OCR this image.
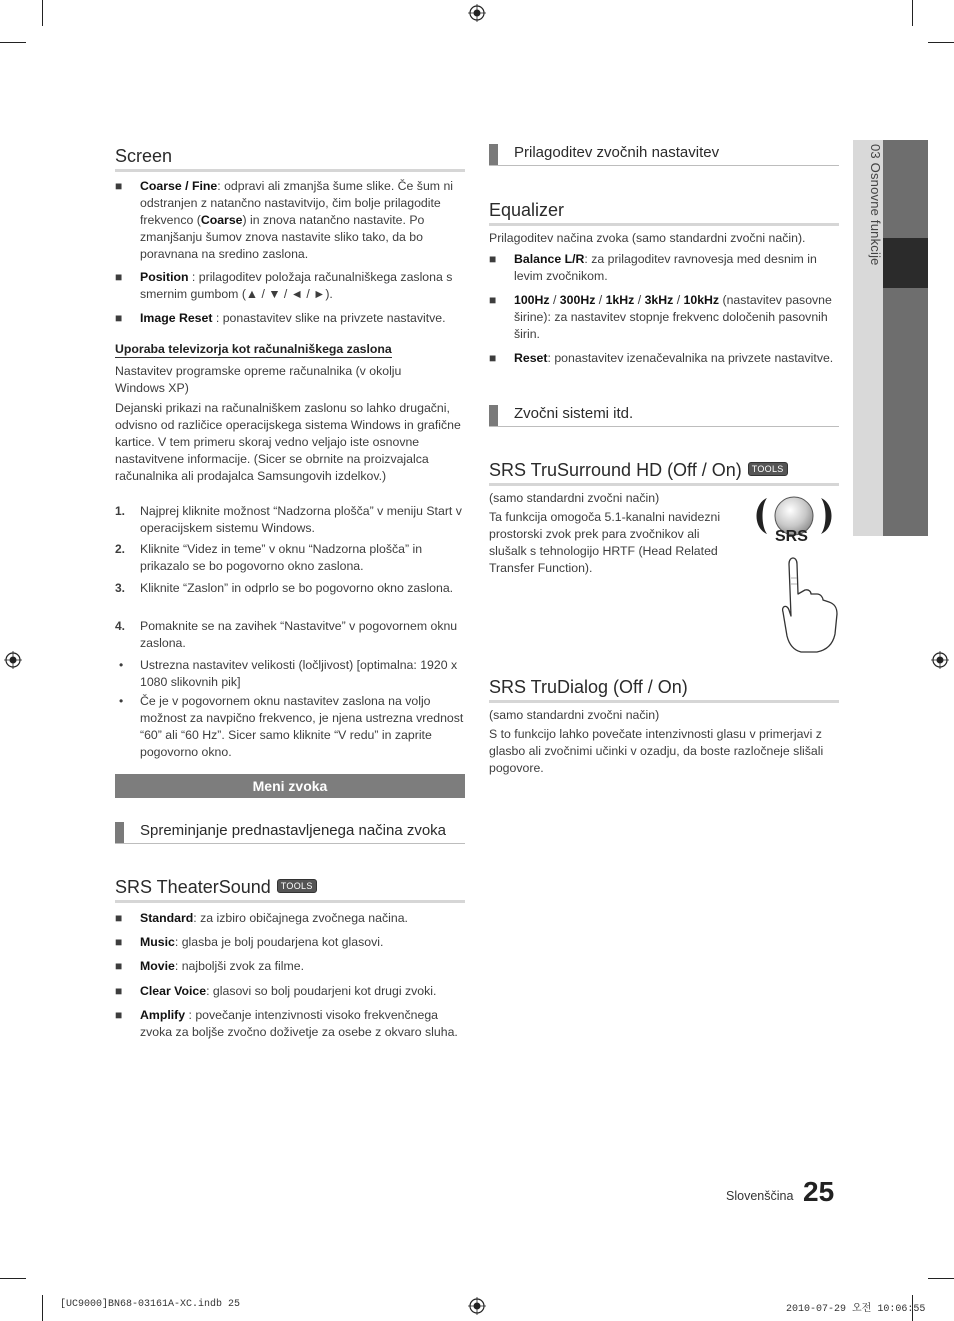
03 Osnovne funkcije
Screen
■ Coarse / Fine: odpravi ali zmanjša šume slike. Če šum ni odstranjen z natančno nastavitvijo, čim bolje prilagodite frekvenco (Coarse) in znova natančno nastavite. Po zmanjšanju šumov znova nastavite sliko tako, da bo poravnana na sredino zaslona.
■ Position : prilagoditev položaja računalniškega zaslona s smernim gumbom (▲ / ▼ / ◄ / ►).
■ Image Reset : ponastavitev slike na privzete nastavitve.
Uporaba televizorja kot računalniškega zaslona
Nastavitev programske opreme računalnika (v okolju Windows XP)
Dejanski prikazi na računalniškem zaslonu so lahko drugačni, odvisno od različice operacijskega sistema Windows in grafične kartice. V tem primeru skoraj vedno veljajo iste osnovne nastavitvene informacije. (Sicer se obrnite na proizvajalca računalnika ali prodajalca Samsungovih izdelkov.)
1. Najprej kliknite možnost “Nadzorna plošča” v meniju Start v operacijskem sistemu Windows.
2. Kliknite “Videz in teme” v oknu “Nadzorna plošča” in prikazalo se bo pogovorno okno zaslona.
3. Kliknite “Zaslon” in odprlo se bo pogovorno okno zaslona.
4. Pomaknite se na zavihek “Nastavitve” v pogovornem oknu zaslona.
• Ustrezna nastavitev velikosti (ločljivost) [optimalna: 1920 x 1080 slikovnih pik]
• Če je v pogovornem oknu nastavitev zaslona na voljo možnost za navpično frekvenco, je njena ustrezna vrednost “60” ali “60 Hz”. Sicer samo kliknite “V redu” in zaprite pogovorno okno.
Meni zvoka
Spreminjanje prednastavljenega načina zvoka
SRS TheaterSound TOOLS
■ Standard: za izbiro običajnega zvočnega načina.
■ Music: glasba je bolj poudarjena kot glasovi.
■ Movie: najboljši zvok za filme.
■ Clear Voice: glasovi so bolj poudarjeni kot drugi zvoki.
■ Amplify : povečanje intenzivnosti visoko frekvenčnega zvoka za boljše zvočno doživetje za osebe z okvaro sluha.
Prilagoditev zvočnih nastavitev
Equalizer
Prilagoditev načina zvoka (samo standardni zvočni način).
■ Balance L/R: za prilagoditev ravnovesja med desnim in levim zvočnikom.
■ 100Hz / 300Hz / 1kHz / 3kHz / 10kHz (nastavitev pasovne širine): za nastavitev stopnje frekvenc določenih pasovnih širin.
■ Reset: ponastavitev izenačevalnika na privzete nastavitve.
Zvočni sistemi itd.
SRS TruSurround HD (Off / On) TOOLS
(samo standardni zvočni način)
Ta funkcija omogoča 5.1-kanalni navidezni prostorski zvok prek para zvočnikov ali slušalk s tehnologijo HRTF (Head Related Transfer Function).
SRS
SRS TruDialog (Off / On)
(samo standardni zvočni način)
S to funkcijo lahko povečate intenzivnosti glasu v primerjavi z glasbo ali zvočnimi učinki v ozadju, da boste razločneje slišali pogovore.
Slovenščina 25
[UC9000]BN68-03161A-XC.indb 25	2010-07-29 오전 10:06:55
